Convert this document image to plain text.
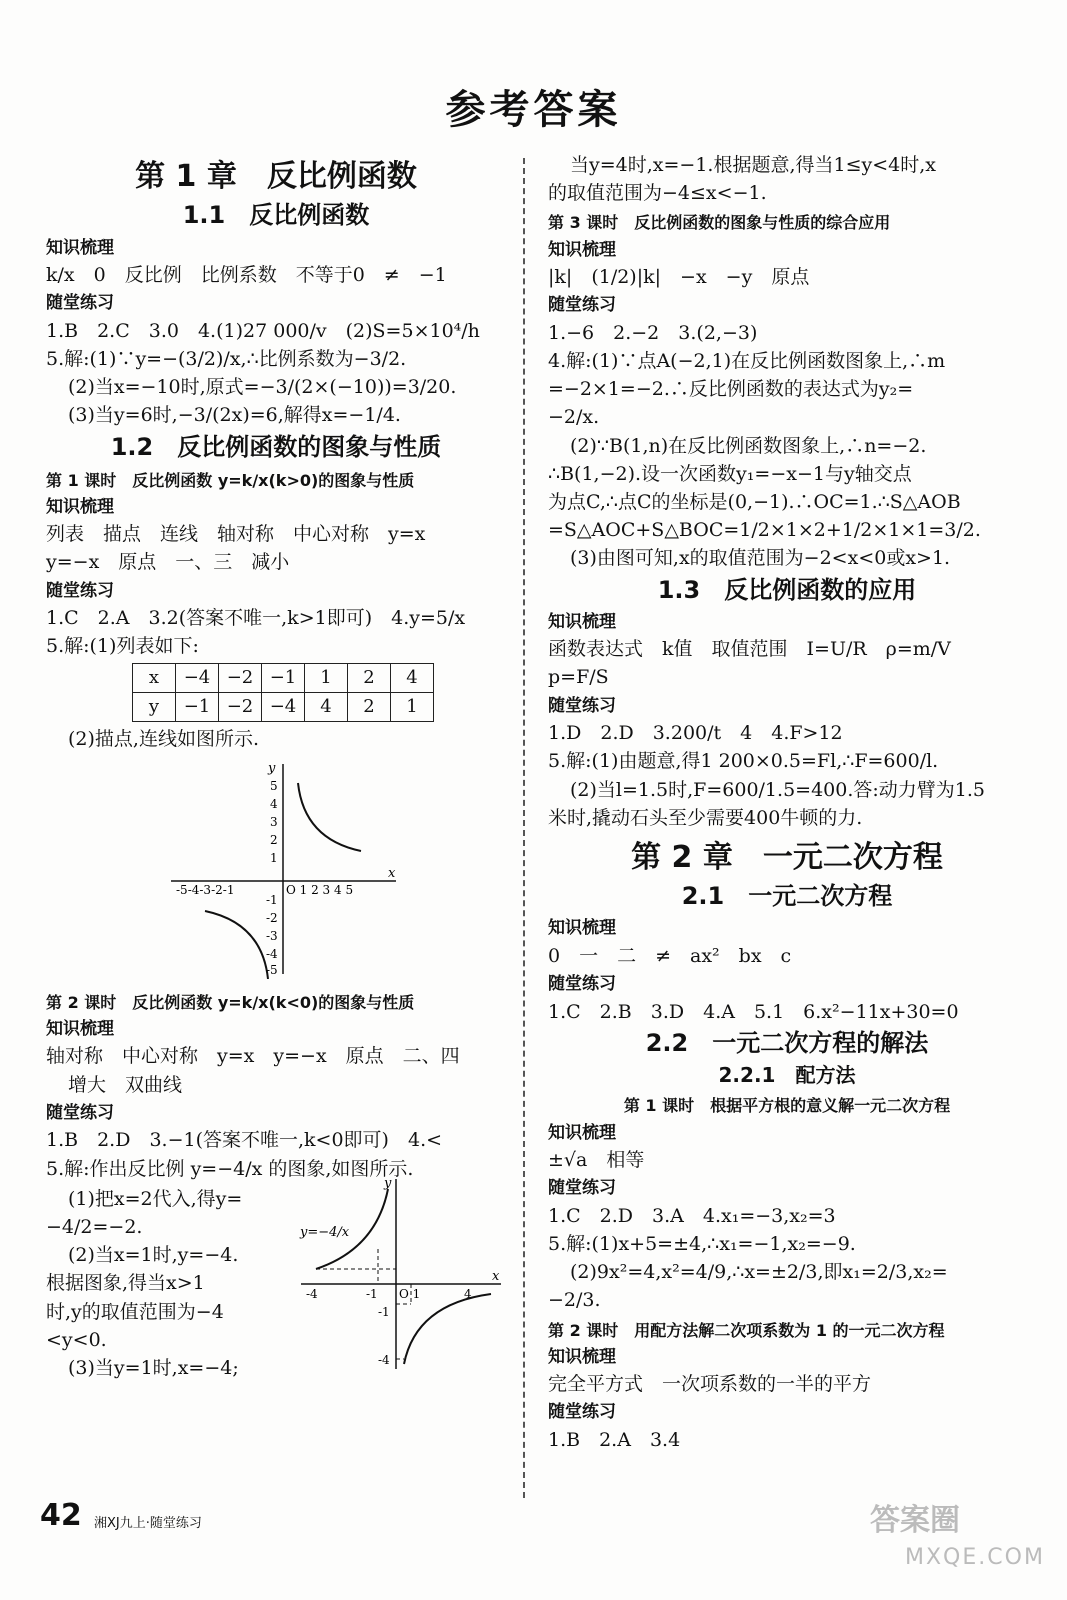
参考答案
第 1 章　反比例函数
1.1　反比例函数
知识梳理
k/x　0　反比例　比例系数　不等于0　≠　−1
随堂练习
1.B　2.C　3.0　4.(1)27 000/v　(2)S=5×10⁴/h
5.解:(1)∵y=−(3/2)/x,∴比例系数为−3/2.
(2)当x=−10时,原式=−3/(2×(−10))=3/20.
(3)当y=6时,−3/(2x)=6,解得x=−1/4.
1.2　反比例函数的图象与性质
第 1 课时　反比例函数 y=k/x(k>0)的图象与性质
知识梳理
列表　描点　连线　轴对称　中心对称　y=x
y=−x　原点　一、三　减小
随堂练习
1.C　2.A　3.2(答案不唯一,k>1即可)　4.y=5/x
5.解:(1)列表如下:
x	−4	−2	−1	1	2	4
y	−1	−2	−4	4	2	1
(2)描点,连线如图所示.
y
x
5
4
3
2
1
O 1 2 3 4 5
-5-4-3-2-1
-1
-2
-3
-4
-5
第 2 课时　反比例函数 y=k/x(k<0)的图象与性质
知识梳理
轴对称　中心对称　y=x　y=−x　原点　二、四
增大　双曲线
随堂练习
1.B　2.D　3.−1(答案不唯一,k<0即可)　4.<
5.解:作出反比例 y=−4/x 的图象,如图所示.
(1)把x=2代入,得y=
−4/2=−2.
(2)当x=1时,y=−4.
根据图象,得当x>1
时,y的取值范围为−4
<y<0.
(3)当y=1时,x=−4;
y
x
-4	-1 O 1	4
-1
-4
y=−4/x
当y=4时,x=−1.根据题意,得当1≤y<4时,x
的取值范围为−4≤x<−1.
第 3 课时　反比例函数的图象与性质的综合应用
知识梳理
|k|　(1/2)|k|　−x　−y　原点
随堂练习
1.−6　2.−2　3.(2,−3)
4.解:(1)∵点A(−2,1)在反比例函数图象上,∴m
=−2×1=−2.∴反比例函数的表达式为y₂=
−2/x.
(2)∵B(1,n)在反比例函数图象上,∴n=−2.
∴B(1,−2).设一次函数y₁=−x−1与y轴交点
为点C,∴点C的坐标是(0,−1).∴OC=1.∴S△AOB
=S△AOC+S△BOC=1/2×1×2+1/2×1×1=3/2.
(3)由图可知,x的取值范围为−2<x<0或x>1.
1.3　反比例函数的应用
知识梳理
函数表达式　k值　取值范围　I=U/R　ρ=m/V
p=F/S
随堂练习
1.D　2.D　3.200/t　4　4.F>12
5.解:(1)由题意,得1 200×0.5=Fl,∴F=600/l.
(2)当l=1.5时,F=600/1.5=400.答:动力臂为1.5
米时,撬动石头至少需要400牛顿的力.
第 2 章　一元二次方程
2.1　一元二次方程
知识梳理
0　一　二　≠　ax²　bx　c
随堂练习
1.C　2.B　3.D　4.A　5.1　6.x²−11x+30=0
2.2　一元二次方程的解法
2.2.1　配方法
第 1 课时　根据平方根的意义解一元二次方程
知识梳理
±√a　相等
随堂练习
1.C　2.D　3.A　4.x₁=−3,x₂=3
5.解:(1)x+5=±4,∴x₁=−1,x₂=−9.
(2)9x²=4,x²=4/9,∴x=±2/3,即x₁=2/3,x₂=
−2/3.
第 2 课时　用配方法解二次项系数为 1 的一元二次方程
知识梳理
完全平方式　一次项系数的一半的平方
随堂练习
1.B　2.A　3.4
42 湘XJ九上·随堂练习	答案圈
MXQE.COM
